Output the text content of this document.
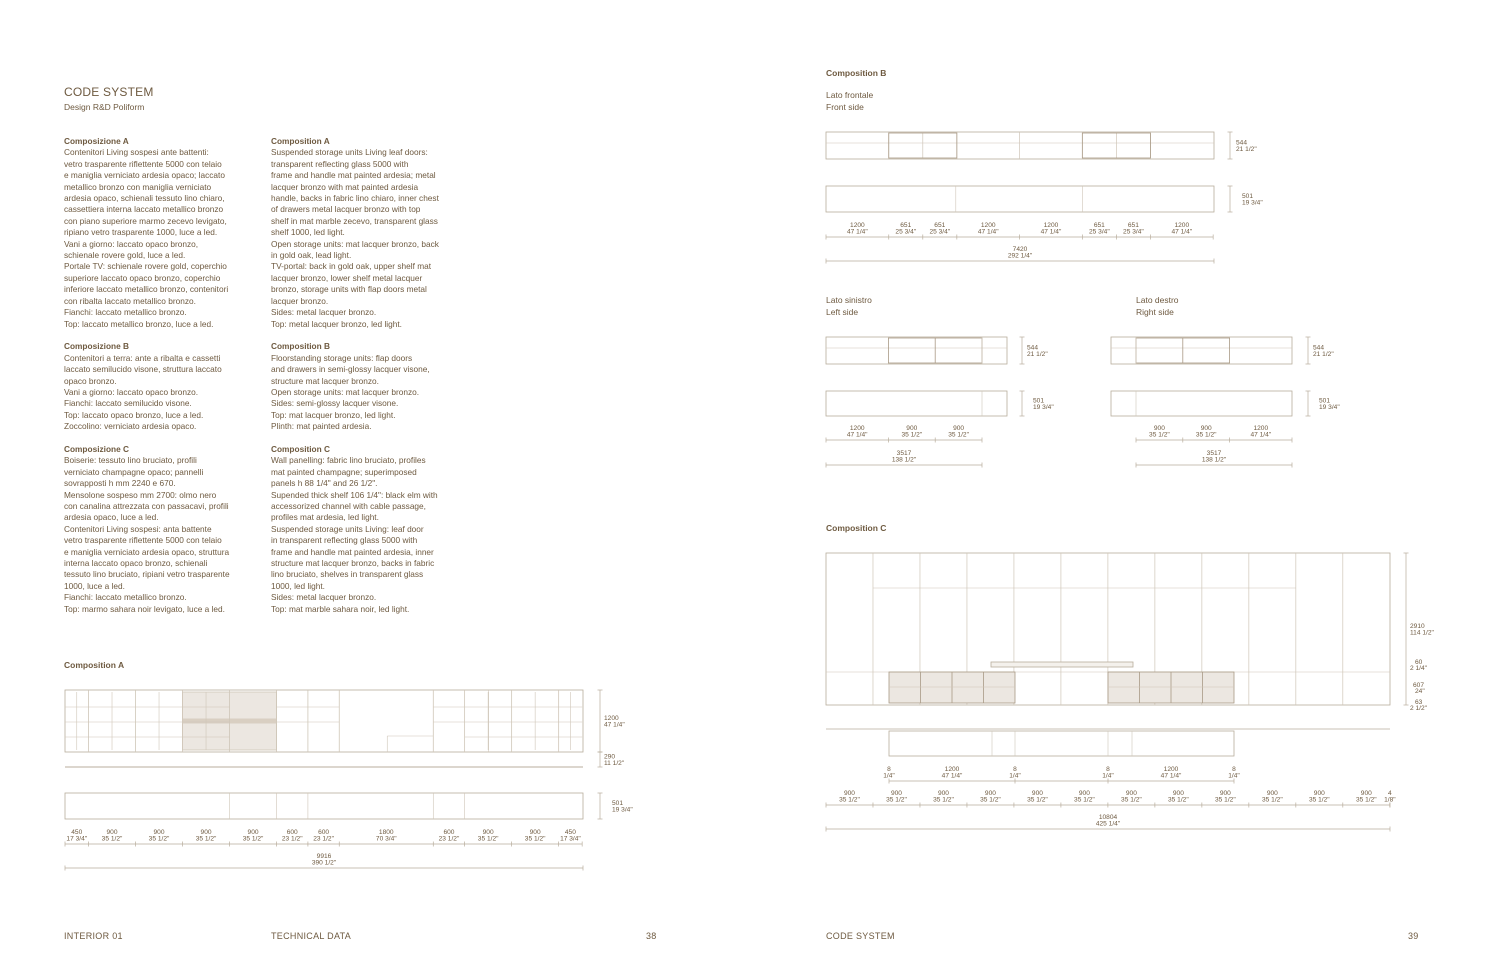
CODE SYSTEM
Design R&D Poliform
Composizione A
Contenitori Living sospesi ante battenti:
vetro trasparente riflettente 5000 con telaio
e maniglia verniciato ardesia opaco; laccato
metallico bronzo con maniglia verniciato
ardesia opaco, schienali tessuto lino chiaro,
cassettiera interna laccato metallico bronzo
con piano superiore marmo zecevo levigato,
ripiano vetro trasparente 1000, luce a led.
Vani a giorno: laccato opaco bronzo,
schienale rovere gold, luce a led.
Portale TV: schienale rovere gold, coperchio
superiore laccato opaco bronzo, coperchio
inferiore laccato metallico bronzo, contenitori
con ribalta laccato metallico bronzo.
Fianchi: laccato metallico bronzo.
Top: laccato metallico bronzo, luce a led.
Composizione B
Contenitori a terra: ante a ribalta e cassetti
laccato semilucido visone, struttura laccato
opaco bronzo.
Vani a giorno: laccato opaco bronzo.
Fianchi: laccato semilucido visone.
Top: laccato opaco bronzo, luce a led.
Zoccolino: verniciato ardesia opaco.
Composizione C
Boiserie: tessuto lino bruciato, profili
verniciato champagne opaco; pannelli
sovrapposti h mm 2240 e 670.
Mensolone sospeso mm 2700: olmo nero
con canalina attrezzata con passacavi, profili
ardesia opaco, luce a led.
Contenitori Living sospesi: anta battente
vetro trasparente riflettente 5000 con telaio
e maniglia verniciato ardesia opaco, struttura
interna laccato opaco bronzo, schienali
tessuto lino bruciato, ripiani vetro trasparente
1000, luce a led.
Fianchi: laccato metallico bronzo.
Top: marmo sahara noir levigato, luce a led.
Composition A
Suspended storage units Living leaf doors:
transparent reflecting glass 5000 with
frame and handle mat painted ardesia; metal
lacquer bronzo with mat painted ardesia
handle, backs in fabric lino chiaro, inner chest
of drawers metal lacquer bronzo with top
shelf in mat marble zecevo, transparent glass
shelf 1000, led light.
Open storage units: mat lacquer bronzo, back
in gold oak, lead light.
TV-portal: back in gold oak, upper shelf mat
lacquer bronzo, lower shelf metal lacquer
bronzo, storage units with flap doors metal
lacquer bronzo.
Sides: metal lacquer bronzo.
Top: metal lacquer bronzo, led light.
Composition B
Floorstanding storage units: flap doors
and drawers in semi-glossy lacquer visone,
structure mat lacquer bronzo.
Open storage units: mat lacquer bronzo.
Sides: semi-glossy lacquer visone.
Top: mat lacquer bronzo, led light.
Plinth: mat painted ardesia.
Composition C
Wall panelling: fabric lino bruciato, profiles
mat painted champagne; superimposed
panels h 88 1/4" and 26 1/2".
Supended thick shelf 106 1/4": black elm with
accessorized channel with cable passage,
profiles mat ardesia, led light.
Suspended storage units Living: leaf door
in transparent reflecting glass 5000 with
frame and handle mat painted ardesia, inner
structure mat lacquer bronzo, backs in fabric
lino bruciato, shelves in transparent glass
1000, led light.
Sides: metal lacquer bronzo.
Top: mat marble sahara noir, led light.
Composition A
INTERIOR 01	TECHNICAL DATA	38
Composition B
Lato frontale
Front side
Lato sinistro
Left side
Lato destro
Right side
Composition C
CODE SYSTEM	39
1200
47 1/4"
290
11 1/2"
501
19 3/4"
450
17 3/4"
900
35 1/2"
900
35 1/2"
900
35 1/2"
900
35 1/2"
600
23 1/2"
600
23 1/2"
1800
70 3/4"
600
23 1/2"
900
35 1/2"
900
35 1/2"
450
17 3/4"
9916
390 1/2"
544
21 1/2"
501
19 3/4"
1200
47 1/4"
651
25 3/4"
651
25 3/4"
1200
47 1/4"
1200
47 1/4"
651
25 3/4"
651
25 3/4"
1200
47 1/4"
7420
292 1/4"
544
21 1/2"
501
19 3/4"
1200
47 1/4"
900
35 1/2"
900
35 1/2"
3517
138 1/2"
544
21 1/2"
501
19 3/4"
900
35 1/2"
900
35 1/2"
1200
47 1/4"
3517
138 1/2"
8
1/4"
1200
47 1/4"
8
1/4"
8
1/4"
1200
47 1/4"
8
1/4"
900
35 1/2"
900
35 1/2"
900
35 1/2"
900
35 1/2"
900
35 1/2"
900
35 1/2"
900
35 1/2"
900
35 1/2"
900
35 1/2"
900
35 1/2"
900
35 1/2"
900
35 1/2"
4
1/8"
10804
425 1/4"
2910
114 1/2"
60
2 1/4"
607
24"
63
2 1/2"
